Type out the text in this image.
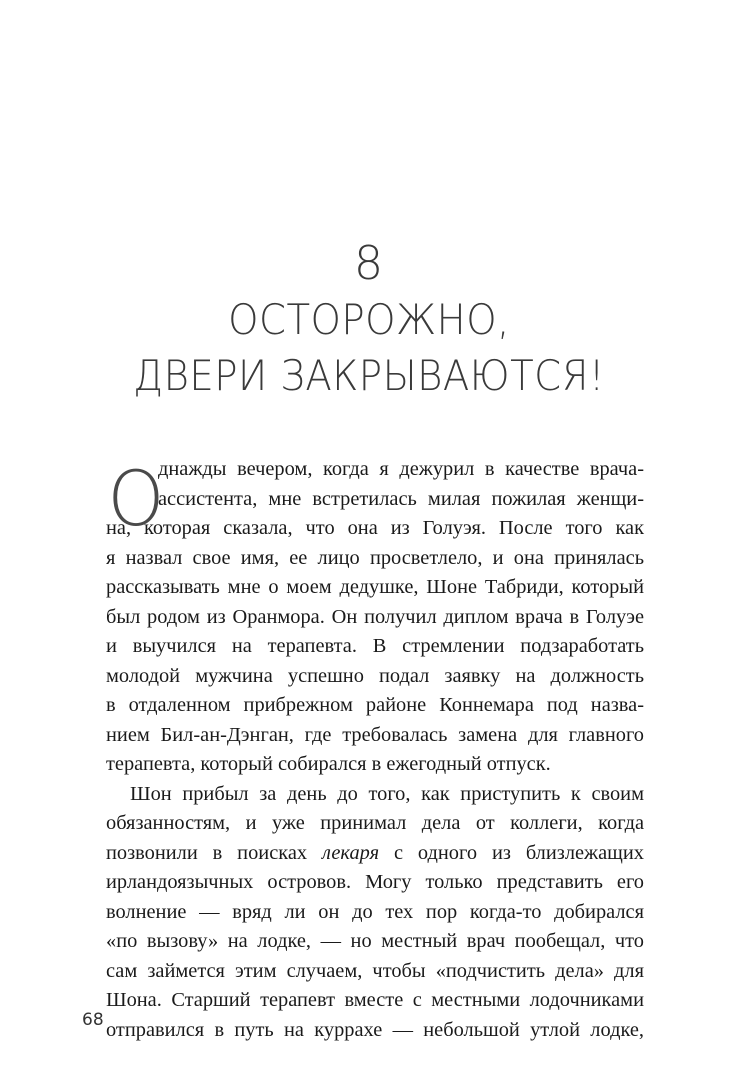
8
ОСТОРОЖНО,
ДВЕРИ ЗАКРЫВАЮТСЯ!
О
днажды вечером, когда я дежурил в качестве врача-
ассистента, мне встретилась милая пожилая женщи-
на, которая сказала, что она из Голуэя. После того как
я назвал свое имя, ее лицо просветлело, и она принялась
рассказывать мне о моем дедушке, Шоне Табриди, который
был родом из Оранмора. Он получил диплом врача в Голуэе
и выучился на терапевта. В стремлении подзаработать
молодой мужчина успешно подал заявку на должность
в отдаленном прибрежном районе Коннемара под назва-
нием Бил-ан-Дэнган, где требовалась замена для главного
терапевта, который собирался в ежегодный отпуск.
Шон прибыл за день до того, как приступить к своим
обязанностям, и уже принимал дела от коллеги, когда
позвонили в поисках лекаря с одного из близлежащих
ирландоязычных островов. Могу только представить его
волнение — вряд ли он до тех пор когда-то добирался
«по вызову» на лодке, — но местный врач пообещал, что
сам займется этим случаем, чтобы «подчистить дела» для
Шона. Старший терапевт вместе с местными лодочниками
отправился в путь на куррахе — небольшой утлой лодке,
68
